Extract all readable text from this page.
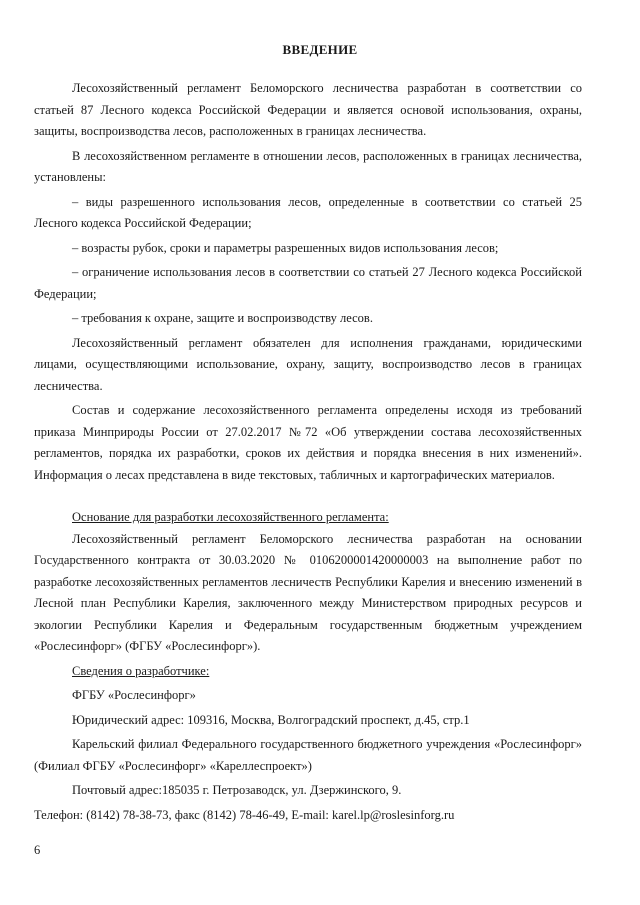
ВВЕДЕНИЕ

Лесохозяйственный регламент Беломорского лесничества разработан в соответствии со статьей 87 Лесного кодекса Российской Федерации и является основой использования, охраны, защиты, воспроизводства лесов, расположенных в границах лесничества.

В лесохозяйственном регламенте в отношении лесов, расположенных в границах лесничества, установлены:

– виды разрешенного использования лесов, определенные в соответствии со статьей 25 Лесного кодекса Российской Федерации;

– возрасты рубок, сроки и параметры разрешенных видов использования лесов;

– ограничение использования лесов в соответствии со статьей 27 Лесного кодекса Российской Федерации;

– требования к охране, защите и воспроизводству лесов.

Лесохозяйственный регламент обязателен для исполнения гражданами, юридическими лицами, осуществляющими использование, охрану, защиту, воспроизводство лесов в границах лесничества.

Состав и содержание лесохозяйственного регламента определены исходя из требований приказа Минприроды России от 27.02.2017 №72 «Об утверждении состава лесохозяйственных регламентов, порядка их разработки, сроков их действия и порядка внесения в них изменений». Информация о лесах представлена в виде текстовых, табличных и картографических материалов.

Основание для разработки лесохозяйственного регламента:

Лесохозяйственный регламент Беломорского лесничества разработан на основании Государственного контракта от 30.03.2020 № 0106200001420000003 на выполнение работ по разработке лесохозяйственных регламентов лесничеств Республики Карелия и внесению изменений в Лесной план Республики Карелия, заключенного между Министерством природных ресурсов и экологии Республики Карелия и Федеральным государственным бюджетным учреждением «Рослесинфорг» (ФГБУ «Рослесинфорг»).

Сведения о разработчике:

ФГБУ «Рослесинфорг»

Юридический адрес: 109316, Москва, Волгоградский проспект, д.45, стр.1

Карельский филиал Федерального государственного бюджетного учреждения «Рослесинфорг» (Филиал ФГБУ «Рослесинфорг» «Кареллеспроект»)

Почтовый адрес:185035 г. Петрозаводск, ул. Дзержинского, 9.

Телефон: (8142) 78-38-73, факс (8142) 78-46-49, E-mail: karel.lp@roslesinforg.ru

6
